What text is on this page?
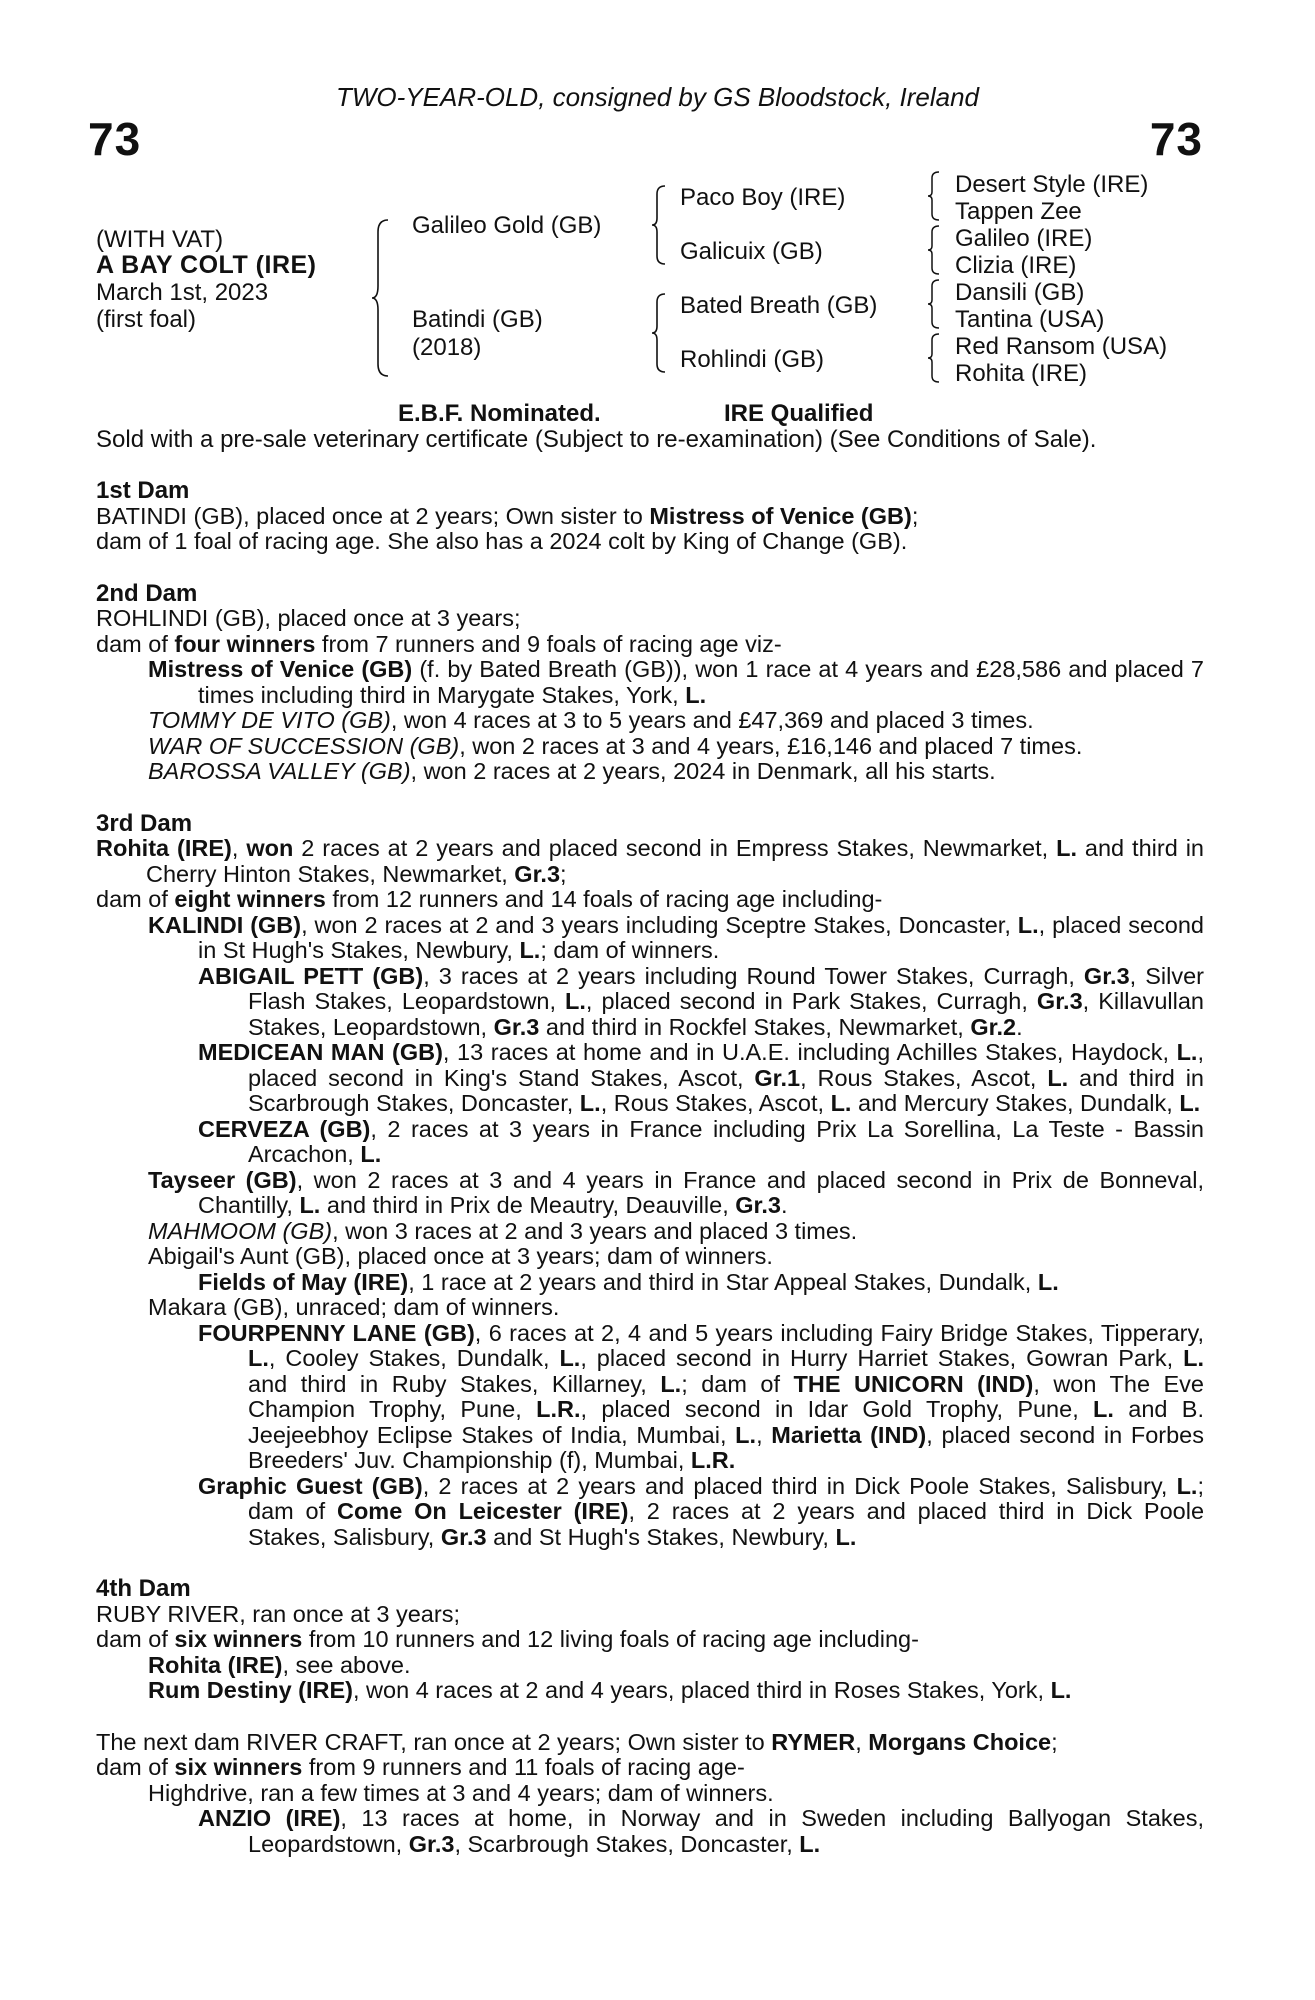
TWO-YEAR-OLD, consigned by GS Bloodstock, Ireland
73	73
(WITH VAT)
A BAY COLT (IRE)
March 1st, 2023
(first foal)
Galileo Gold (GB)
Batindi (GB)
(2018)
Paco Boy (IRE)
Galicuix (GB)
Bated Breath (GB)
Rohlindi (GB)
Desert Style (IRE)
Tappen Zee
Galileo (IRE)
Clizia (IRE)
Dansili (GB)
Tantina (USA)
Red Ransom (USA)
Rohita (IRE)
E.B.F. Nominated.	IRE Qualified
Sold with a pre-sale veterinary certificate (Subject to re-examination) (See Conditions of Sale).
1st Dam

BATINDI (GB), placed once at 2 years; Own sister to Mistress of Venice (GB);

dam of 1 foal of racing age. She also has a 2024 colt by King of Change (GB).

2nd Dam

ROHLINDI (GB), placed once at 3 years;

dam of four winners from 7 runners and 9 foals of racing age viz-

Mistress of Venice (GB) (f. by Bated Breath (GB)), won 1 race at 4 years and £28,586 and placed 7 times including third in Marygate Stakes, York, L.

TOMMY DE VITO (GB), won 4 races at 3 to 5 years and £47,369 and placed 3 times.

WAR OF SUCCESSION (GB), won 2 races at 3 and 4 years, £16,146 and placed 7 times.

BAROSSA VALLEY (GB), won 2 races at 2 years, 2024 in Denmark, all his starts.

3rd Dam

Rohita (IRE), won 2 races at 2 years and placed second in Empress Stakes, Newmarket, L. and third in Cherry Hinton Stakes, Newmarket, Gr.3;

dam of eight winners from 12 runners and 14 foals of racing age including-

KALINDI (GB), won 2 races at 2 and 3 years including Sceptre Stakes, Doncaster, L., placed second in St Hugh's Stakes, Newbury, L.; dam of winners.

ABIGAIL PETT (GB), 3 races at 2 years including Round Tower Stakes, Curragh, Gr.3, Silver Flash Stakes, Leopardstown, L., placed second in Park Stakes, Curragh, Gr.3, Killavullan Stakes, Leopardstown, Gr.3 and third in Rockfel Stakes, Newmarket, Gr.2.

MEDICEAN MAN (GB), 13 races at home and in U.A.E. including Achilles Stakes, Haydock, L., placed second in King's Stand Stakes, Ascot, Gr.1, Rous Stakes, Ascot, L. and third in Scarbrough Stakes, Doncaster, L., Rous Stakes, Ascot, L. and Mercury Stakes, Dundalk, L.

CERVEZA (GB), 2 races at 3 years in France including Prix La Sorellina, La Teste - Bassin Arcachon, L.

Tayseer (GB), won 2 races at 3 and 4 years in France and placed second in Prix de Bonneval, Chantilly, L. and third in Prix de Meautry, Deauville, Gr.3.

MAHMOOM (GB), won 3 races at 2 and 3 years and placed 3 times.

Abigail's Aunt (GB), placed once at 3 years; dam of winners.

Fields of May (IRE), 1 race at 2 years and third in Star Appeal Stakes, Dundalk, L.

Makara (GB), unraced; dam of winners.

FOURPENNY LANE (GB), 6 races at 2, 4 and 5 years including Fairy Bridge Stakes, Tipperary, L., Cooley Stakes, Dundalk, L., placed second in Hurry Harriet Stakes, Gowran Park, L. and third in Ruby Stakes, Killarney, L.; dam of THE UNICORN (IND), won The Eve Champion Trophy, Pune, L.R., placed second in Idar Gold Trophy, Pune, L. and B. Jeejeebhoy Eclipse Stakes of India, Mumbai, L., Marietta (IND), placed second in Forbes Breeders' Juv. Championship (f), Mumbai, L.R.

Graphic Guest (GB), 2 races at 2 years and placed third in Dick Poole Stakes, Salisbury, L.; dam of Come On Leicester (IRE), 2 races at 2 years and placed third in Dick Poole Stakes, Salisbury, Gr.3 and St Hugh's Stakes, Newbury, L.

4th Dam

RUBY RIVER, ran once at 3 years;

dam of six winners from 10 runners and 12 living foals of racing age including-

Rohita (IRE), see above.

Rum Destiny (IRE), won 4 races at 2 and 4 years, placed third in Roses Stakes, York, L.

The next dam RIVER CRAFT, ran once at 2 years; Own sister to RYMER, Morgans Choice;

dam of six winners from 9 runners and 11 foals of racing age-

Highdrive, ran a few times at 3 and 4 years; dam of winners.

ANZIO (IRE), 13 races at home, in Norway and in Sweden including Ballyogan Stakes, Leopardstown, Gr.3, Scarbrough Stakes, Doncaster, L.
